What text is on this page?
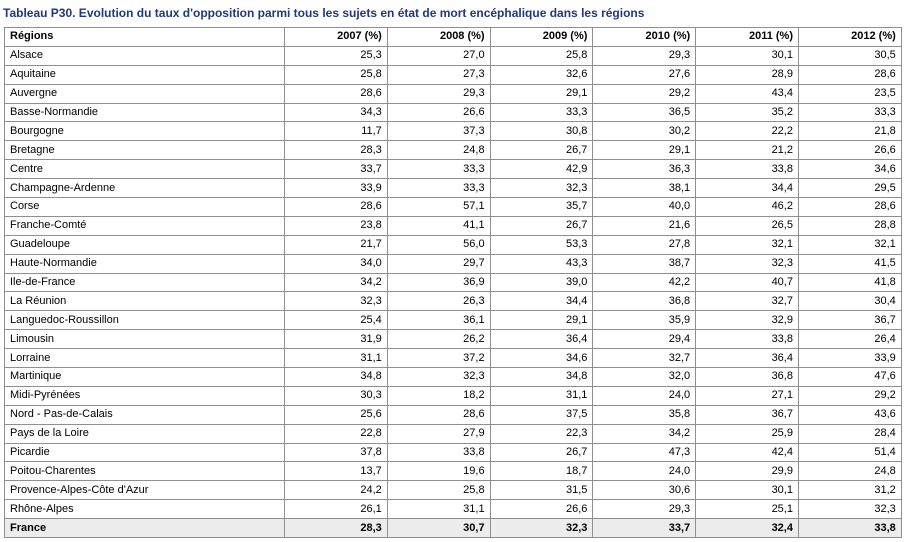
Tableau P30. Evolution du taux d'opposition parmi tous les sujets en état de mort encéphalique dans les régions
Régions	2007 (%)	2008 (%)	2009 (%)	2010 (%)	2011 (%)	2012 (%)
Alsace	25,3	27,0	25,8	29,3	30,1	30,5
Aquitaine	25,8	27,3	32,6	27,6	28,9	28,6
Auvergne	28,6	29,3	29,1	29,2	43,4	23,5
Basse-Normandie	34,3	26,6	33,3	36,5	35,2	33,3
Bourgogne	11,7	37,3	30,8	30,2	22,2	21,8
Bretagne	28,3	24,8	26,7	29,1	21,2	26,6
Centre	33,7	33,3	42,9	36,3	33,8	34,6
Champagne-Ardenne	33,9	33,3	32,3	38,1	34,4	29,5
Corse	28,6	57,1	35,7	40,0	46,2	28,6
Franche-Comté	23,8	41,1	26,7	21,6	26,5	28,8
Guadeloupe	21,7	56,0	53,3	27,8	32,1	32,1
Haute-Normandie	34,0	29,7	43,3	38,7	32,3	41,5
Ile-de-France	34,2	36,9	39,0	42,2	40,7	41,8
La Réunion	32,3	26,3	34,4	36,8	32,7	30,4
Languedoc-Roussillon	25,4	36,1	29,1	35,9	32,9	36,7
Limousin	31,9	26,2	36,4	29,4	33,8	26,4
Lorraine	31,1	37,2	34,6	32,7	36,4	33,9
Martinique	34,8	32,3	34,8	32,0	36,8	47,6
Midi-Pyrénées	30,3	18,2	31,1	24,0	27,1	29,2
Nord - Pas-de-Calais	25,6	28,6	37,5	35,8	36,7	43,6
Pays de la Loire	22,8	27,9	22,3	34,2	25,9	28,4
Picardie	37,8	33,8	26,7	47,3	42,4	51,4
Poitou-Charentes	13,7	19,6	18,7	24,0	29,9	24,8
Provence-Alpes-Côte d'Azur	24,2	25,8	31,5	30,6	30,1	31,2
Rhône-Alpes	26,1	31,1	26,6	29,3	25,1	32,3
France	28,3	30,7	32,3	33,7	32,4	33,8
